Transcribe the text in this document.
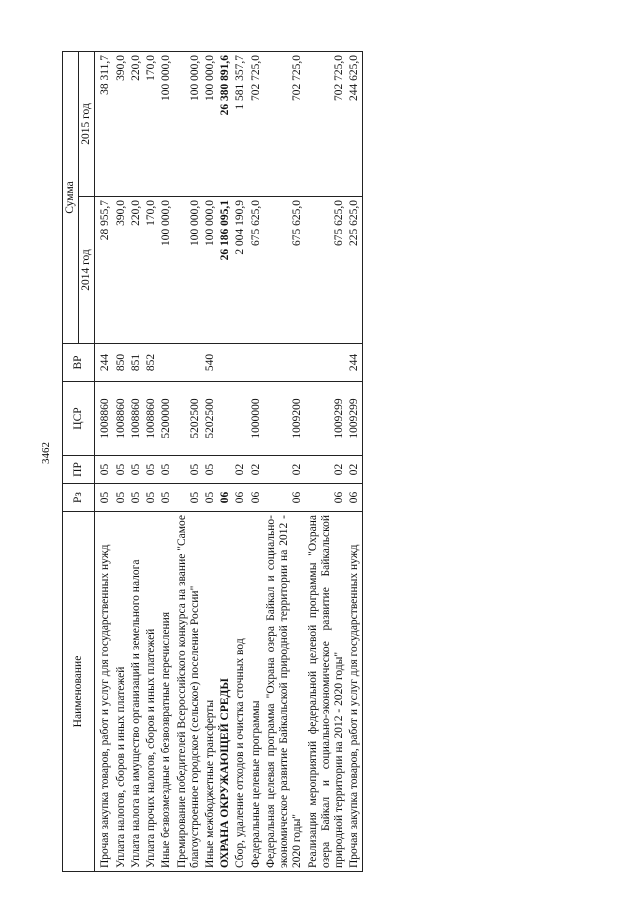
3462
Наименование	Рз	ПР	ЦСР	ВР	Сумма	
					2014 год	2015 год
Прочая закупка товаров, работ и услуг для государственных нужд	05	05	1008860	244	28 955,7	38 311,7
Уплата налогов, сборов и иных платежей	05	05	1008860	850	390,0	390,0
Уплата налога на имущество организаций и земельного налога	05	05	1008860	851	220,0	220,0
Уплата прочих налогов, сборов и иных платежей	05	05	1008860	852	170,0	170,0
Иные безвозмездные и безвозвратные перечисления	05	05	5200000		100 000,0	100 000,0
Премирование победителей Всероссийского конкурса на звание "Самое благоустроенное городское (сельское) поселение России"	05	05	5202500		100 000,0	100 000,0
Иные межбюджетные трансферты	05	05	5202500	540	100 000,0	100 000,0
ОХРАНА ОКРУЖАЮЩЕЙ СРЕДЫ	06				26 186 095,1	26 380 891,6
Сбор, удаление отходов и очистка сточных вод	06	02			2 004 190,9	1 581 357,7
Федеральные целевые программы	06	02	1000000		675 625,0	702 725,0
Федеральная целевая программа "Охрана озера Байкал и социально-экономическое развитие Байкальской природной территории на 2012 - 2020 годы"	06	02	1009200		675 625,0	702 725,0
Реализация мероприятий федеральной целевой программы "Охрана озера Байкал и социально-экономическое развитие Байкальской природной территории на 2012 - 2020 годы"	06	02	1009299		675 625,0	702 725,0
Прочая закупка товаров, работ и услуг для государственных нужд	06	02	1009299	244	225 625,0	244 625,0
